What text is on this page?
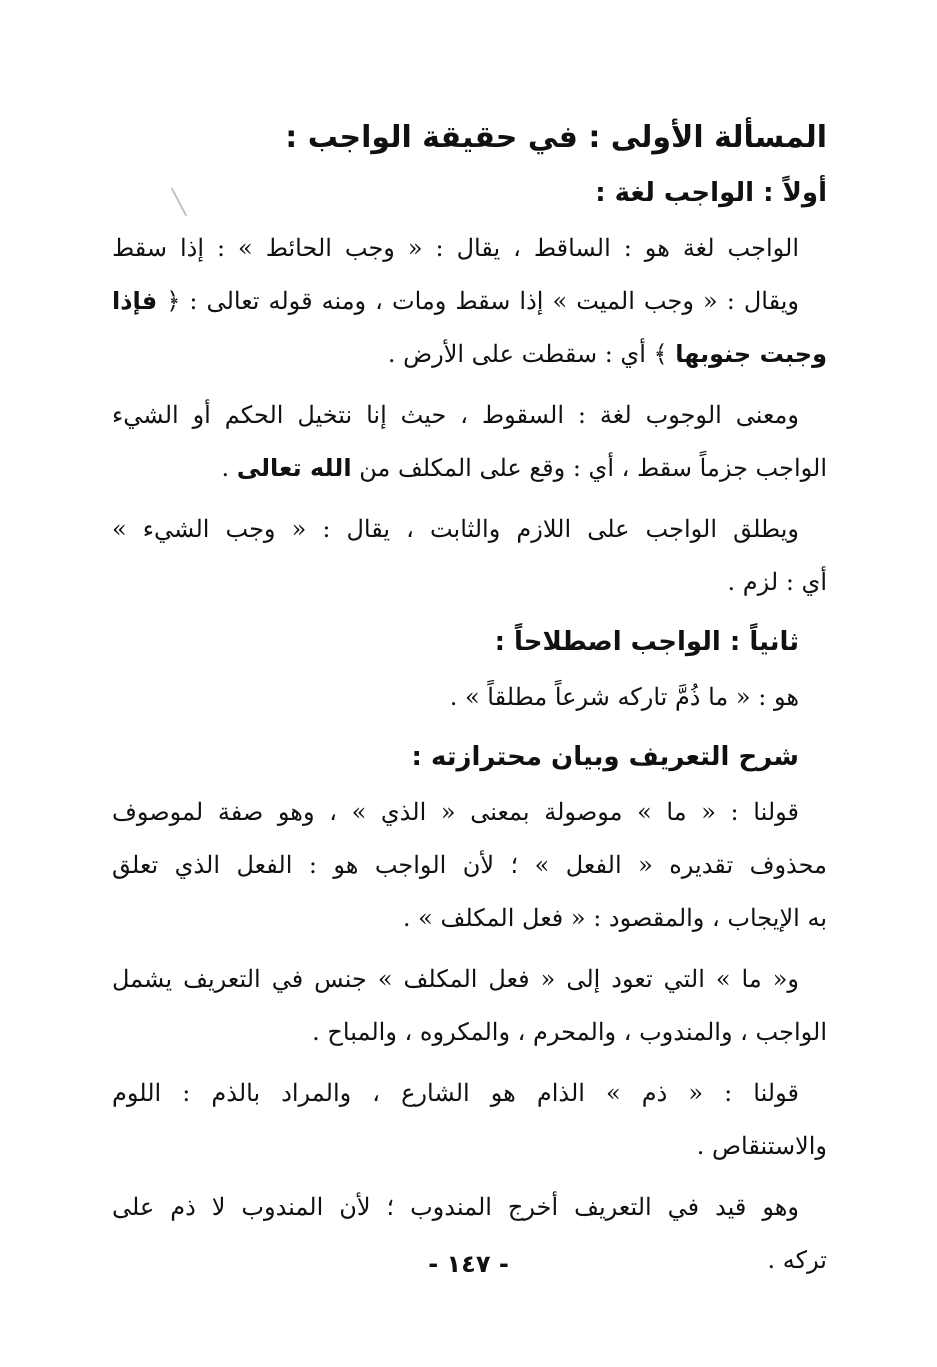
المسألة الأولى : في حقيقة الواجب :
أولاً : الواجب لغة :

الواجب لغة هو : الساقط ، يقال : « وجب الحائط » : إذا سقط
ويقال : « وجب الميت » إذا سقط ومات ، ومنه قوله تعالى : ﴿ فإذا
وجبت جنوبها ﴾ أي : سقطت على الأرض .

ومعنى الوجوب لغة : السقوط ، حيث إنا نتخيل الحكم أو الشيء
الواجب جزماً سقط ، أي : وقع على المكلف من الله تعالى .

ويطلق الواجب على اللازم والثابت ، يقال : « وجب الشيء »
أي : لزم .

ثانياً : الواجب اصطلاحاً :

هو : « ما ذُمَّ تاركه شرعاً مطلقاً » .

شرح التعريف وبيان محترازته :

قولنا : « ما » موصولة بمعنى « الذي » ، وهو صفة لموصوف
محذوف تقديره « الفعل » ؛ لأن الواجب هو : الفعل الذي تعلق
به الإيجاب ، والمقصود : « فعل المكلف » .

و« ما » التي تعود إلى « فعل المكلف » جنس في التعريف يشمل
الواجب ، والمندوب ، والمحرم ، والمكروه ، والمباح .

قولنا : « ذم » الذام هو الشارع ، والمراد بالذم : اللوم
والاستنقاص .

وهو قيد في التعريف أخرج المندوب ؛ لأن المندوب لا ذم على
تركه .

- ١٤٧ -
